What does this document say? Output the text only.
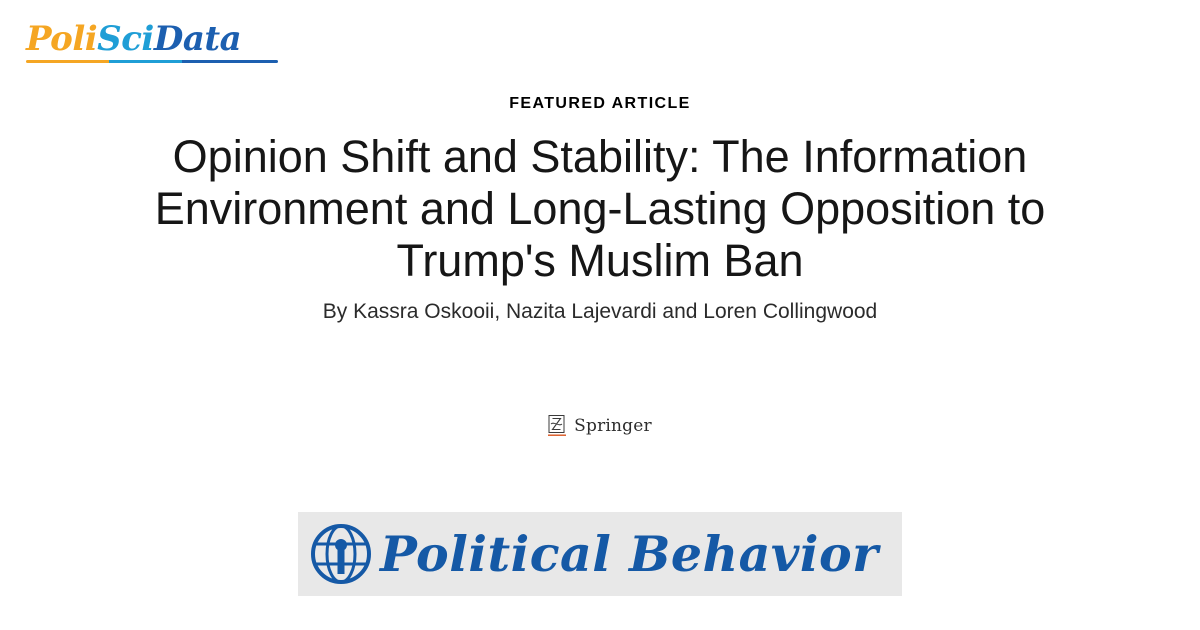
PoliSciData
FEATURED ARTICLE
Opinion Shift and Stability: The Information Environment and Long-Lasting Opposition to Trump's Muslim Ban
By Kassra Oskooii, Nazita Lajevardi and Loren Collingwood
Springer
Political Behavior
